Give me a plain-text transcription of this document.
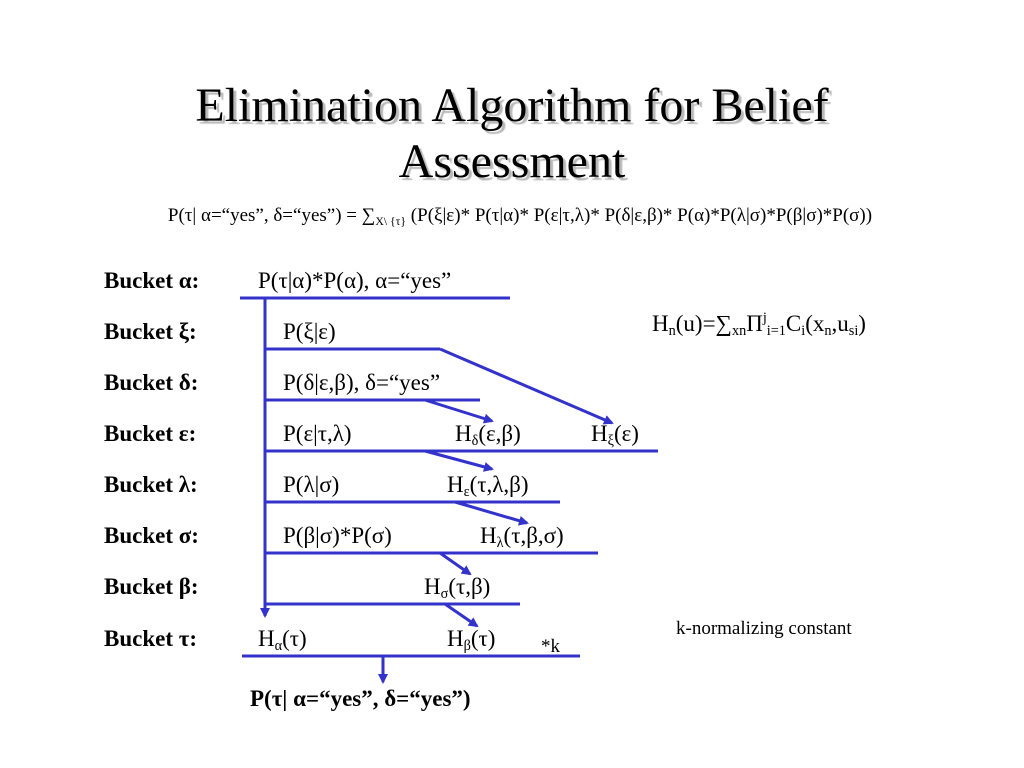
Elimination Algorithm for Belief
Assessment
P(τ| α=“yes”, δ=“yes”) = $\sum_{X\backslash \{\tau\}}$ (P(ξ|ε)* P(τ|α)* P(ε|τ,λ)* P(δ|ε,β)* P(α)*P(λ|σ)*P(β|σ)*P(σ))
Bucket α:
Bucket ξ:
Bucket δ:
Bucket ε:
Bucket λ:
Bucket σ:
Bucket β:
Bucket τ:
P(τ|α)*P(α), α=“yes”
P(ξ|ε)
P(δ|ε,β), δ=“yes”
P(ε|τ,λ)
P(λ|σ)
P(β|σ)*P(σ)
$H_\delta(\varepsilon,\beta)$	$H_\xi(\varepsilon)$
$H_\varepsilon(\tau,\lambda,\beta)$
$H_\lambda(\tau,\beta,\sigma)$
$H_\sigma(\tau,\beta)$
$H_\alpha(\tau)$	$H_\beta(\tau)$ *k
$H_n(u)=\sum_{xn}\Pi^j_{i=1}C_i(x_n,u_{si})$
k-normalizing constant
P(τ| α=“yes”, δ=“yes”)
